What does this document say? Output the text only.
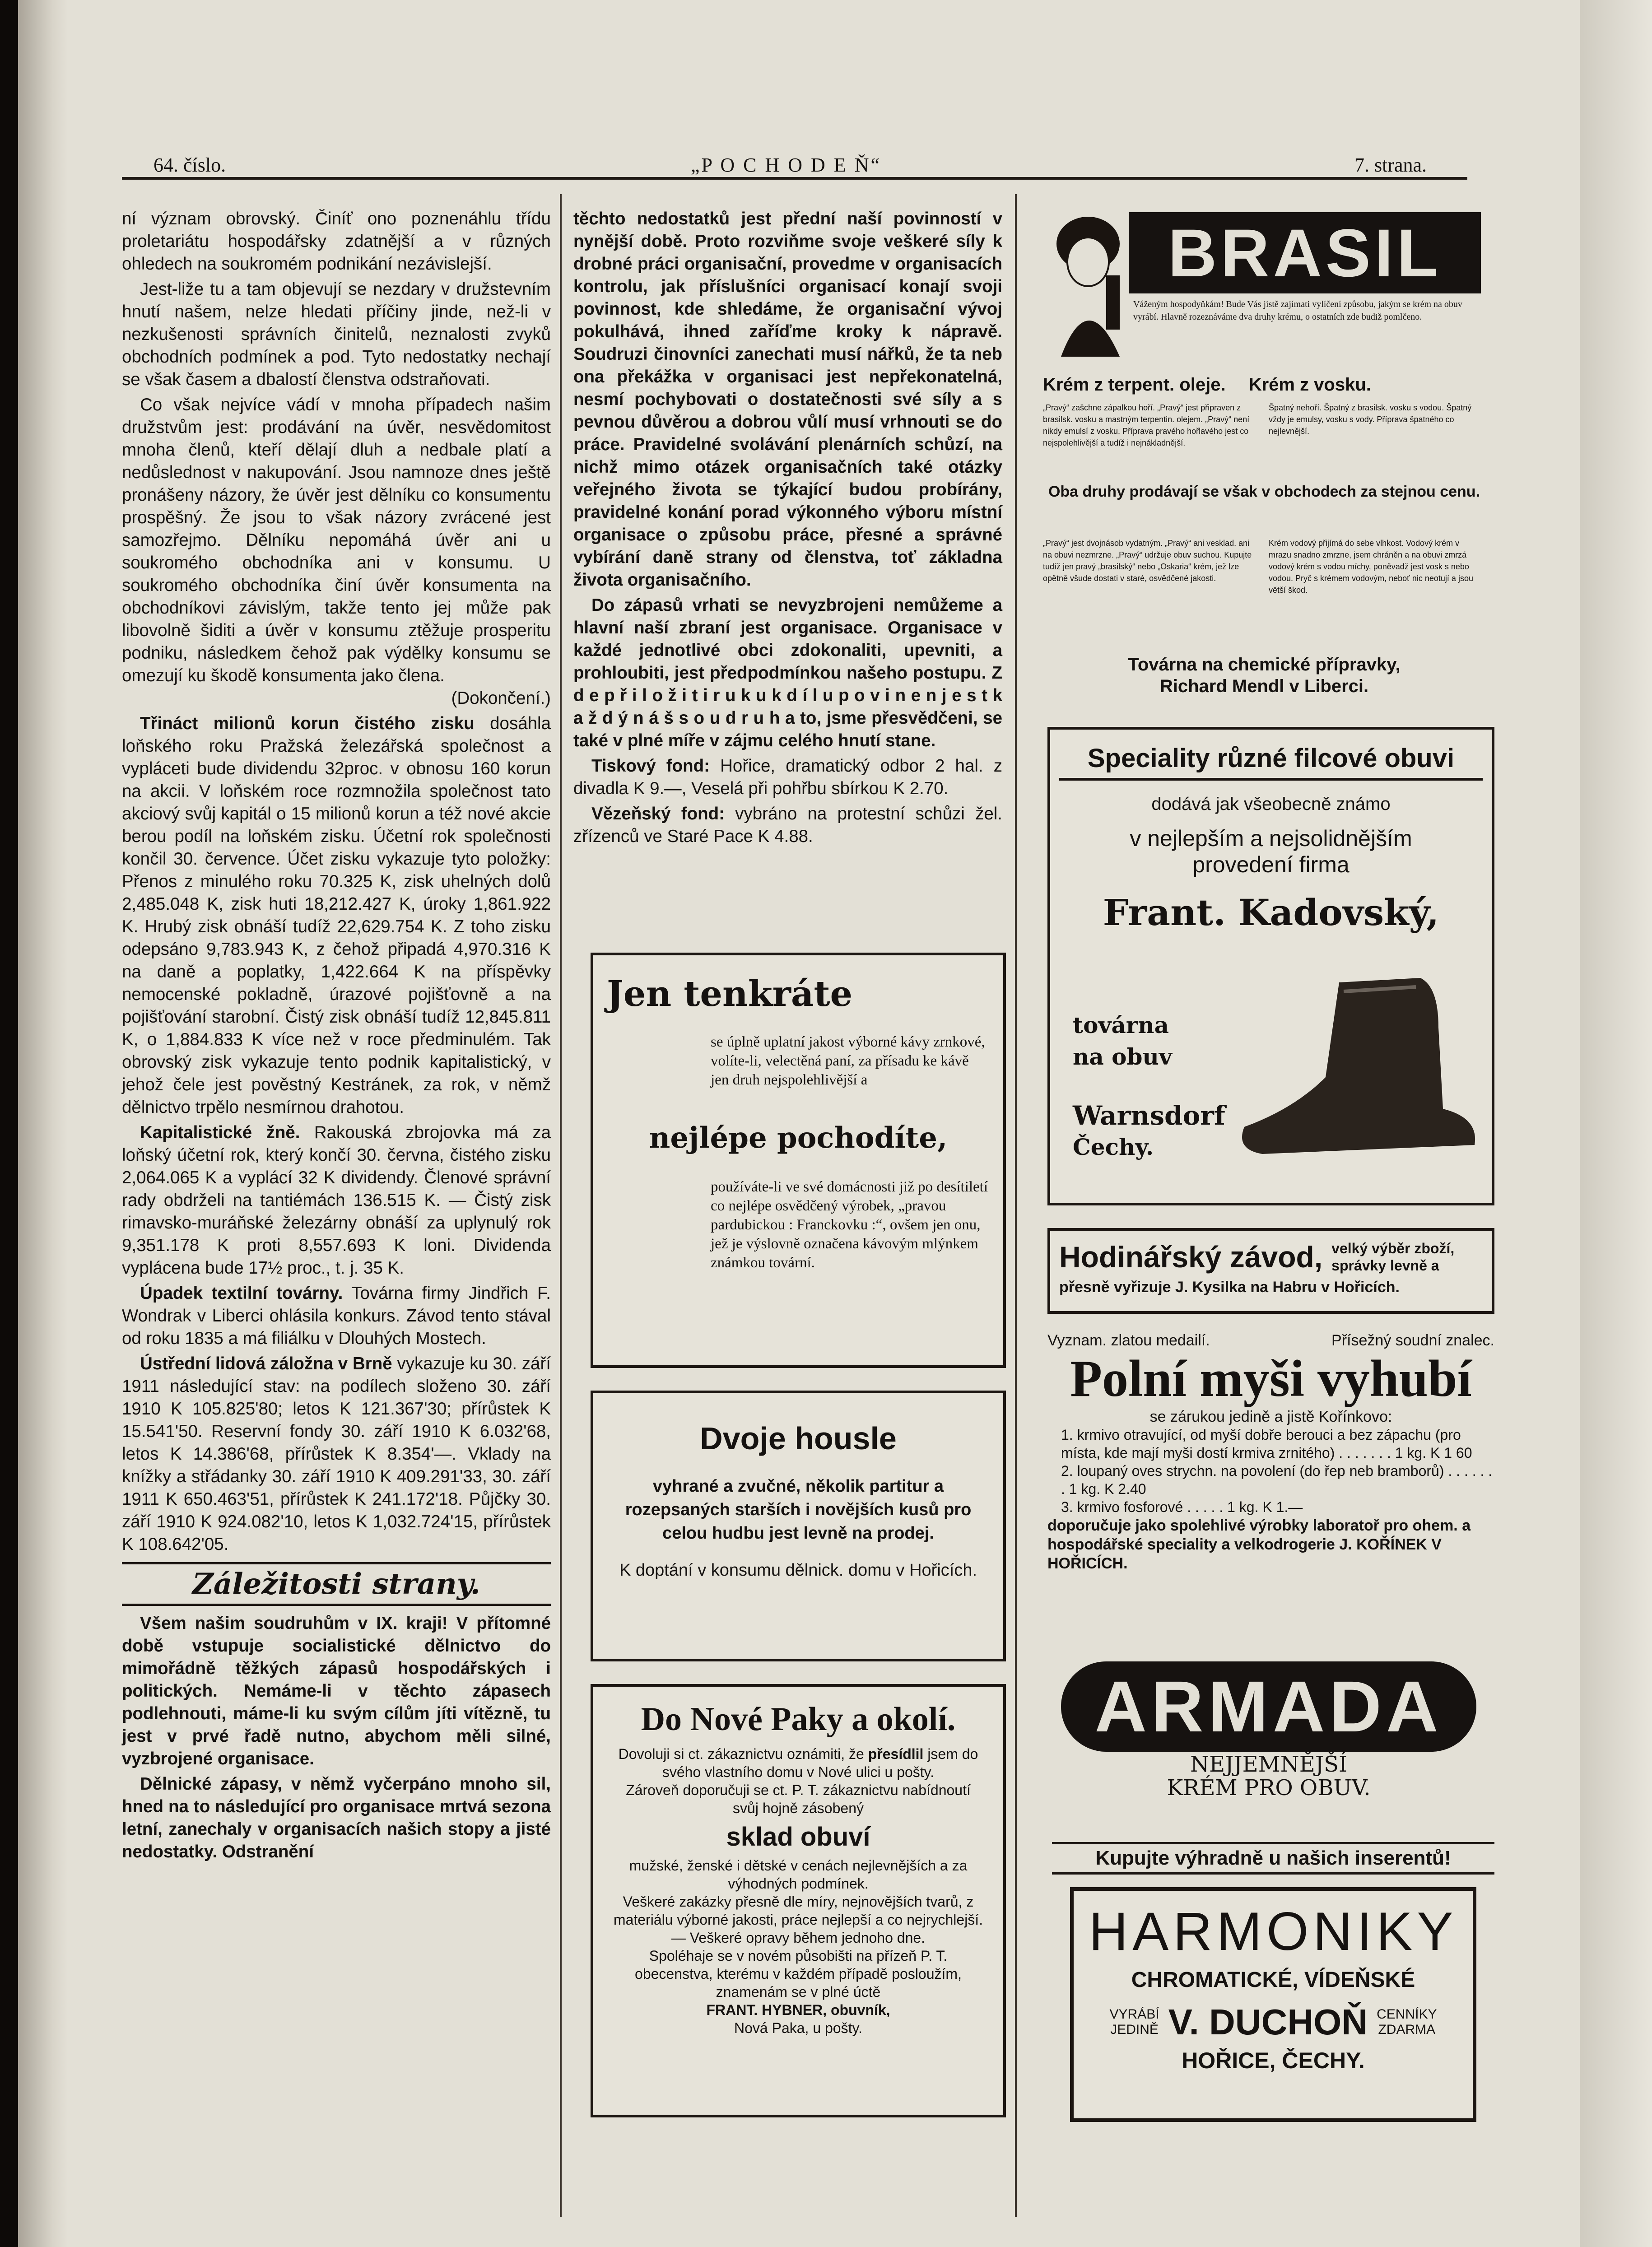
64. číslo.	„P O C H O D E Ň“	7. strana.

ní význam obrovský. Činíť ono poznenáhlu třídu proletariátu hospodářsky zdatnější a v různých ohledech na soukromém podnikání nezávislejší.

Jest-liže tu a tam objevují se nezdary v družstevním hnutí našem, nelze hledati příčiny jinde, než-li v nezkušenosti správních činitelů, neznalosti zvyků obchodních podmínek a pod. Tyto nedostatky nechají se však časem a dbalostí členstva odstraňovati.

Co však nejvíce vádí v mnoha případech našim družstvům jest: prodávání na úvěr, nesvědomitost mnoha členů, kteří dělají dluh a nedbale platí a nedůslednost v nakupování. Jsou namnoze dnes ještě pronášeny názory, že úvěr jest dělníku co konsumentu prospěšný. Že jsou to však názory zvrácené jest samozřejmo. Dělníku nepomáhá úvěr ani u soukromého obchodníka ani v konsumu. U soukromého obchodníka činí úvěr konsumenta na obchodníkovi závislým, takže tento jej může pak libovolně šiditi a úvěr v konsumu ztěžuje prosperitu podniku, následkem čehož pak výdělky konsumu se omezují ku škodě konsumenta jako člena.

(Dokončení.)

Třináct milionů korun čistého zisku dosáhla loňského roku Pražská železářská společnost a vypláceti bude dividendu 32proc. v obnosu 160 korun na akcii. V loňském roce rozmnožila společnost tato akciový svůj kapitál o 15 milionů korun a též nové akcie berou podíl na loňském zisku. Účetní rok společnosti končil 30. července. Účet zisku vykazuje tyto položky: Přenos z minulého roku 70.325 K, zisk uhelných dolů 2,485.048 K, zisk huti 18,212.427 K, úroky 1,861.922 K. Hrubý zisk obnáší tudíž 22,629.754 K. Z toho zisku odepsáno 9,783.943 K, z čehož připadá 4,970.316 K na daně a poplatky, 1,422.664 K na příspěvky nemocenské pokladně, úrazové pojišťovně a na pojišťování starobní. Čistý zisk obnáší tudíž 12,845.811 K, o 1,884.833 K více než v roce předminulém. Tak obrovský zisk vykazuje tento podnik kapitalistický, v jehož čele jest pověstný Kestránek, za rok, v němž dělnictvo trpělo nesmírnou drahotou.

Kapitalistické žně. Rakouská zbrojovka má za loňský účetní rok, který končí 30. června, čistého zisku 2,064.065 K a vyplácí 32 K dividendy. Členové správní rady obdrželi na tantiémách 136.515 K. — Čistý zisk rimavsko-muráňské železárny obnáší za uplynulý rok 9,351.178 K proti 8,557.693 K loni. Dividenda vyplácena bude 17½ proc., t. j. 35 K.

Úpadek textilní továrny. Továrna firmy Jindřich F. Wondrak v Liberci ohlásila konkurs. Závod tento stával od roku 1835 a má filiálku v Dlouhých Mostech.

Ústřední lidová záložna v Brně vykazuje ku 30. září 1911 následující stav: na podílech složeno 30. září 1910 K 105.825'80; letos K 121.367'30; přírůstek K 15.541'50. Reservní fondy 30. září 1910 K 6.032'68, letos K 14.386'68, přírůstek K 8.354'—. Vklady na knížky a střádanky 30. září 1910 K 409.291'33, 30. září 1911 K 650.463'51, přírůstek K 241.172'18. Půjčky 30. září 1910 K 924.082'10, letos K 1,032.724'15, přírůstek K 108.642'05.

Záležitosti strany.

Všem našim soudruhům v IX. kraji! V přítomné době vstupuje socialistické dělnictvo do mimořádně těžkých zápasů hospodářských i politických. Nemáme-li v těchto zápasech podlehnouti, máme-li ku svým cílům jíti vítězně, tu jest v prvé řadě nutno, abychom měli silné, vyzbrojené organisace.

Dělnické zápasy, v němž vyčerpáno mnoho sil, hned na to následující pro organisace mrtvá sezona letní, zanechaly v organisacích našich stopy a jisté nedostatky. Odstranění

těchto nedostatků jest přední naší povinností v nynější době. Proto rozviňme svoje veškeré síly k drobné práci organisační, provedme v organisacích kontrolu, jak příslušníci organisací konají svoji povinnost, kde shledáme, že organisační vývoj pokulhává, ihned zaříďme kroky k nápravě. Soudruzi činovníci zanechati musí nářků, že ta neb ona překážka v organisaci jest nepřekonatelná, nesmí pochybovati o dostatečnosti své síly a s pevnou důvěrou a dobrou vůlí musí vrhnouti se do práce. Pravidelné svolávání plenárních schůzí, na nichž mimo otázek organisačních také otázky veřejného života se týkající budou probírány, pravidelné konání porad výkonného výboru místní organisace o způsobu práce, přesné a správné vybírání daně strany od členstva, toť základna života organisačního.

Do zápasů vrhati se nevyzbrojeni nemůžeme a hlavní naší zbraní jest organisace. Organisace v každé jednotlivé obci zdokonaliti, upevniti, a prohloubiti, jest předpodmínkou našeho postupu. Z d e p ř i l o ž i t i r u k u k d í l u p o v i n e n j e s t k a ž d ý n á š s o u d r u h a to, jsme přesvědčeni, se také v plné míře v zájmu celého hnutí stane.

Tiskový fond: Hořice, dramatický odbor 2 hal. z divadla K 9.—, Veselá při pohřbu sbírkou K 2.70.

Vězeňský fond: vybráno na protestní schůzi žel. zřízenců ve Staré Pace K 4.88.

Jen tenkráte
se úplně uplatní jakost výborné kávy zrnkové, volíte-li, velectěná paní, za přísadu ke kávě jen druh nejspolehlivější a
nejlépe pochodíte,
používáte-li ve své domácnosti již po desítiletí co nejlépe osvědčený výrobek, „pravou pardubickou : Franckovku :“, ovšem jen onu, jež je výslovně označena kávovým mlýnkem známkou tovární.
Dvoje housle
vyhrané a zvučné, několik partitur a rozepsaných starších i novějších kusů pro celou hudbu jest levně na prodej.
K doptání v konsumu dělnick. domu v Hořicích.
Do Nové Paky a okolí.
Dovoluji si ct. zákaznictvu oznámiti, že přesídlil jsem do svého vlastního domu v Nové ulici u pošty.
Zároveň doporučuji se ct. P. T. zákaznictvu nabídnoutí svůj hojně zásobený
sklad obuví
mužské, ženské i dětské v cenách nejlevnějších a za výhodných podmínek.
Veškeré zakázky přesně dle míry, nejnovějších tvarů, z materiálu výborné jakosti, práce nejlepší a co nejrychlejší. — Veškeré opravy během jednoho dne.
Spoléhaje se v novém působišti na přízeň P. T. obecenstva, kterému v každém případě posloužím, znamenám se v plné úctě
FRANT. HYBNER, obuvník,
Nová Paka, u pošty.
BRASIL
Váženým hospodyňkám! Bude Vás jistě zajímati vylíčení způsobu, jakým se krém na obuv vyrábí. Hlavně rozeznáváme dva druhy krému, o ostatních zde budiž pomlčeno.
Krém z terpent. oleje. Krém z vosku.
„Pravý“ zašchne zápalkou hoří. „Pravý“ jest připraven z brasilsk. vosku a mastným terpentin. olejem. „Pravý“ není nikdy emulsí z vosku. Příprava pravého hořlavého jest co nejspolehlivější a tudíž i nejnákladnější.
Špatný nehoří. Špatný z brasilsk. vosku s vodou. Špatný vždy je emulsy, vosku s vody. Příprava špatného co nejlevnější.
Oba druhy prodávají se však v obchodech za stejnou cenu.
„Pravý“ jest dvojnásob vydatným. „Pravý“ ani vesklad. ani na obuvi nezmrzne. „Pravý“ udržuje obuv suchou. Kupujte tudíž jen pravý „brasilský“ nebo „Oskaria“ krém, jež lze opětně všude dostati v staré, osvědčené jakosti.
Krém vodový přijímá do sebe vlhkost. Vodový krém v mrazu snadno zmrzne, jsem chráněn a na obuvi zmrzá vodový krém s vodou míchy, poněvadž jest vosk s nebo vodou. Pryč s krémem vodovým, neboť nic neotují a jsou větší škod.
Továrna na chemické přípravky,
Richard Mendl v Liberci.
Speciality různé filcové obuvi
dodává jak všeobecně známo
v nejlepším a nejsolidnějším
provedení firma
Frant. Kadovský,
továrna
na obuv
Warnsdorf
Čechy.
Hodinářský závod, velký výběr zboží,
správky levně a
přesně vyřizuje J. Kysilka na Habru v Hořicích.
Vyznam. zlatou medailí.	Přísežný soudní znalec.
Polní myši vyhubí
se zárukou jedině a jistě Kořínkovo:
1. krmivo otravující, od myší dobře berouci a bez zápachu (pro místa, kde mají myši dostí krmiva zrnitého) . . . . . . . 1 kg. K 1 60
2. loupaný oves strychn. na povolení (do řep neb bramborů) . . . . . . . 1 kg. K 2.40
3. krmivo fosforové . . . . . 1 kg. K 1.—
doporučuje jako spolehlivé výrobky laboratoř pro ohem. a hospodářské speciality a velkodrogerie J. KOŘÍNEK V HOŘICÍCH.
ARMADA
NEJJEMNĚJŠÍ
KRÉM PRO OBUV.
Kupujte výhradně u našich inserentů!
HARMONIKY
CHROMATICKÉ, VÍDEŇSKÉ
VYRÁBÍ
JEDINĚ V. DUCHOŇ CENNÍKY
ZDARMA
HOŘICE, ČECHY.
